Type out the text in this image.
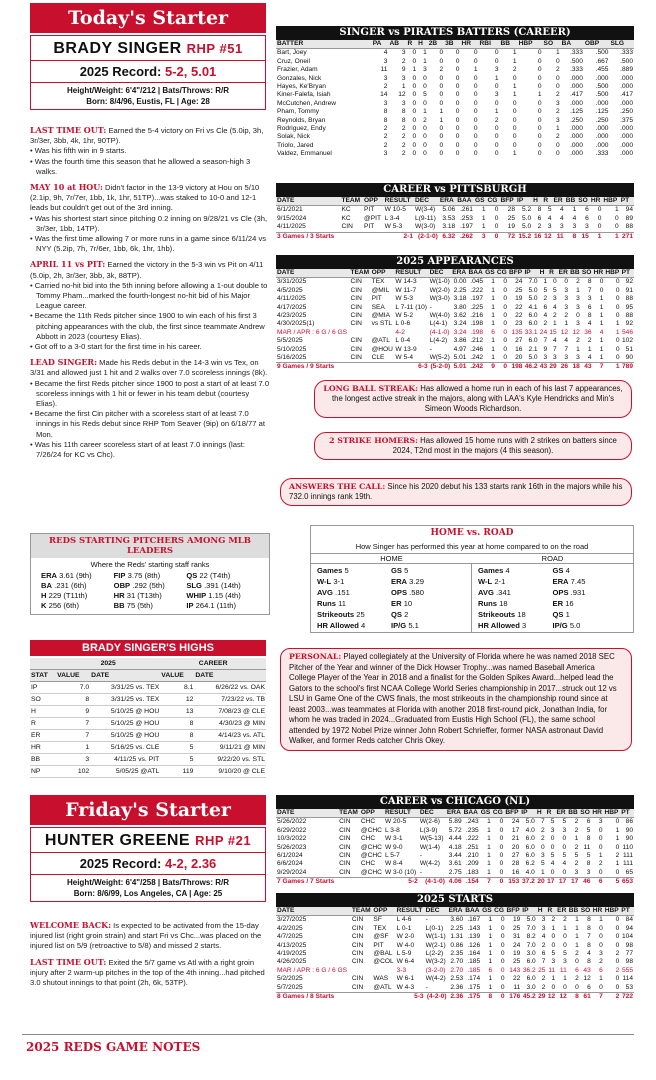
Today's Starter
BRADY SINGER RHP #51
2025 Record: 5-2, 5.01
Height/Weight: 6'4"/212 | Bats/Throws: R/R
Born: 8/4/96, Eustis, FL | Age: 28
LAST TIME OUT: Earned the 5-4 victory on Fri vs Cle (5.0ip, 3h, 3r/3er, 3bb, 4k, 1hr, 90TP).
• Was his fifth win in 9 starts.
• Was the fourth time this season that he allowed a season-high 3 walks.
MAY 10 at HOU: Didn't factor in the 13-9 victory at Hou on 5/10 (2.1ip, 9h, 7r/7er, 1bb, 1k, 1hr, 51TP)...was staked to 10-0 and 12-1 leads but couldn't get out of the 3rd inning.
• Was his shortest start since pitching 0.2 inning on 9/28/21 vs Cle (3h, 3r/3er, 1bb, 14TP).
• Was the first time allowing 7 or more runs in a game since 6/11/24 vs NYY (5.2ip, 7h, 7r/6er, 1bb, 6k, 1hr, 1hb).
APRIL 11 vs PIT: Earned the victory in the 5-3 win vs Pit on 4/11 (5.0ip, 2h, 3r/3er, 3bb, 3k, 88TP).
• Carried no-hit bid into the 5th inning before allowing a 1-out double to Tommy Pham...marked the fourth-longest no-hit bid of his Major League career.
• Became the 11th Reds pitcher since 1900 to win each of his first 3 pitching appearances with the club, the first since teammate Andrew Abbott in 2023 (courtesy Elias).
• Got off to a 3-0 start for the first time in his career.
LEAD SINGER: Made his Reds debut in the 14-3 win vs Tex, on 3/31 and allowed just 1 hit and 2 walks over 7.0 scoreless innings (8k).
• Became the first Reds pitcher since 1900 to post a start of at least 7.0 scoreless innings with 1 hit or fewer in his team debut (courtesy Elias).
• Became the first Cin pitcher with a scoreless start of at least 7.0 innings in his Reds debut since RHP Tom Seaver (9ip) on 6/18/77 at Mon.
• Was his 11th career scoreless start of at least 7.0 innings (last: 7/26/24 for KC vs Chc).
SINGER vs PIRATES BATTERS (CAREER)
BATTER	PA	AB	R	H	2B	3B	HR	RBI	BB	HBP	SO	BA	OBP	SLG
Bart, Joey	4	3	0	1	0	0	0	0	1	0	1	.333	.500	.333
Cruz, Oneil	3	2	0	1	0	0	0	0	1	0	0	.500	.667	.500
Frazier, Adam	11	9	1	3	2	0	1	3	2	0	2	.333	.455	.889
Gonzales, Nick	3	3	0	0	0	0	0	1	0	0	0	.000	.000	.000
Hayes, Ke'Bryan	2	1	0	0	0	0	0	0	1	0	0	.000	.500	.000
Kiner-Falefa, Isiah	14	12	0	5	0	0	0	3	1	1	2	.417	.500	.417
McCutchen, Andrew	3	3	0	0	0	0	0	0	0	0	3	.000	.000	.000
Pham, Tommy	8	8	0	1	1	0	0	1	0	0	2	.125	.125	.250
Reynolds, Bryan	8	8	0	2	1	0	0	2	0	0	3	.250	.250	.375
Rodriguez, Endy	2	2	0	0	0	0	0	0	0	0	1	.000	.000	.000
Solak, Nick	2	2	0	0	0	0	0	0	0	0	2	.000	.000	.000
Triolo, Jared	2	2	0	0	0	0	0	0	0	0	0	.000	.000	.000
Valdez, Emmanuel	3	2	0	0	0	0	0	0	1	0	0	.000	.333	.000
CAREER vs PITTSBURGH
DATE	TEAM	OPP	RESULT	DEC	ERA	BAA	GS	CG	BFP	IP	H	R	ER	BB	SO	HR	HBP	PT
6/1/2021	KC	PIT	W 10-5	W(3-4)	5.06	.261	1	0	28	5.2	8	5	4	1	6	0	1	94
9/15/2024	KC	@PIT	L 3-4	L(9-11)	3.53	.253	1	0	25	5.0	6	4	4	4	6	0	0	89
4/11/2025	CIN	PIT	W 5-3	W(3-0)	3.18	.197	1	0	19	5.0	2	3	3	3	3	0	0	88
3 Games / 3 Starts			2-1	(2-1-0)	6.32	.262	3	0	72	15.2	16	12	11	8	15	1	1	271
2025 APPEARANCES
DATE	TEAM	OPP	RESULT	DEC	ERA	BAA	GS	CG	BFP	IP	H	R	ER	BB	SO	HR	HBP	PT
3/31/2025	CIN	TEX	W 14-3	W(1-0)	0.00	.045	1	0	24	7.0	1	0	0	2	8	0	0	92
4/5/2025	CIN	@MIL	W 11-7	W(2-0)	2.25	.222	1	0	25	5.0	5	5	3	1	7	0	0	91
4/11/2025	CIN	PIT	W 5-3	W(3-0)	3.18	.197	1	0	19	5.0	2	3	3	3	3	1	0	88
4/17/2025	CIN	SEA	L 7-11 (10)	-	3.80	.225	1	0	22	4.1	6	4	3	3	6	1	0	95
4/23/2025	CIN	@MIA	W 5-2	W(4-0)	3.62	.216	1	0	22	6.0	4	2	2	0	8	1	0	88
4/30/2025(1)	CIN	vs STL	L 0-6	L(4-1)	3.24	.198	1	0	23	6.0	2	1	1	3	4	1	1	92
MAR / APR : 6 G / 6 GS			4-2	(4-1-0)	3.24	.198	6	0	135	33.1	24	15	12	12	36	4	1	546
5/5/2025	CIN	@ATL	L 0-4	L(4-2)	3.86	.212	1	0	27	6.0	7	4	4	2	2	1	0	102
5/10/2025	CIN	@HOU	W 13-9	-	4.97	.246	1	0	16	2.1	9	7	7	1	1	1	0	51
5/16/2025	CIN	CLE	W 5-4	W(5-2)	5.01	.242	1	0	20	5.0	3	3	3	3	4	1	0	90
9 Games / 9 Starts			6-3	(5-2-0)	5.01	.242	9	0	198	46.2	43	29	26	18	43	7	1	789
LONG BALL STREAK: Has allowed a home run in each of his last 7 appearances, the longest active streak in the majors, along with LAA's Kyle Hendricks and Min's Simeon Woods Richardson.
2 STRIKE HOMERS: Has allowed 15 home runs with 2 strikes on batters since 2024, T2nd most in the majors (4 this season).
ANSWERS THE CALL: Since his 2020 debut his 133 starts rank 16th in the majors while his 732.0 innings rank 19th.
REDS STARTING PITCHERS AMONG MLB LEADERS
Where the Reds' starting staff ranks
ERA 3.61 (9th)	FIP 3.75 (8th)	QS 22 (T4th)
BA .231 (6th)	OBP .292 (5th)	SLG .391 (14th)
H 229 (T11th)	HR 31 (T13th)	WHIP 1.15 (4th)
K 256 (6th)	BB 75 (5th)	IP 264.1 (11th)
BRADY SINGER'S HIGHS
	2025		CAREER	
STAT	VALUE	DATE	VALUE	DATE
IP	7.0	3/31/25 vs. TEX	8.1	6/26/22 vs. OAK
SO	8	3/31/25 vs. TEX	12	7/23/22 vs. TB
H	9	5/10/25 @ HOU	13	7/08/23 @ CLE
R	7	5/10/25 @ HOU	8	4/30/23 @ MIN
ER	7	5/10/25 @ HOU	8	4/14/23 vs. ATL
HR	1	5/16/25 vs. CLE	5	9/11/21 @ MIN
BB	3	4/11/25 vs. PIT	5	9/22/20 vs. STL
NP	102	5/05/25 @ATL	119	9/10/20 @ CLE
HOME vs. ROAD
How Singer has performed this year at home compared to on the road
HOME	ROAD
Games 5	GS 5
W-L 3-1	ERA 3.29
AVG .151	OPS .580
Runs 11	ER 10
Strikeouts 25	QS 2
HR Allowed 4	IP/G 5.1
Games 4	GS 4
W-L 2-1	ERA 7.45
AVG .341	OPS .931
Runs 18	ER 16
Strikeouts 18	QS 1
HR Allowed 3	IP/G 5.0
PERSONAL: Played collegiately at the University of Florida where he was named 2018 SEC Pitcher of the Year and winner of the Dick Howser Trophy...was named Baseball America College Player of the Year in 2018 and a finalist for the Golden Spikes Award...helped lead the Gators to the school's first NCAA College World Series championship in 2017...struck out 12 vs LSU in Game One of the CWS finals, the most strikeouts in the championship round since at least 2003...was teammates at Florida with another 2018 first-round pick, Jonathan India, for whom he was traded in 2024...Graduated from Eustis High School (FL), the same school attended by 1972 Nobel Prize winner John Robert Schrieffer, former NASA astronaut David Walker, and former Reds catcher Chris Okey.
Friday's Starter
HUNTER GREENE RHP #21
2025 Record: 4-2, 2.36
Height/Weight: 6'4"/258 | Bats/Throws: R/R
Born: 8/6/99, Los Angeles, CA | Age: 25
WELCOME BACK: Is expected to be activated from the 15-day injured list (right groin strain) and start Fri vs Chc...was placed on the injured list on 5/9 (retroactive to 5/8) and missed 2 starts.
LAST TIME OUT: Exited the 5/7 game vs Atl with a right groin injury after 2 warm-up pitches in the top of the 4th inning...had pitched 3.0 shutout innings to that point (2h, 6k, 53TP).
CAREER vs CHICAGO (NL)
DATE	TEAM	OPP	RESULT	DEC	ERA	BAA	GS	CG	BFP	IP	H	R	ER	BB	SO	HR	HBP	PT
5/26/2022	CIN	CHC	W 20-5	W(2-6)	5.89	.243	1	0	24	5.0	7	5	5	2	6	3	0	86
6/29/2022	CIN	@CHC	L 3-8	L(3-9)	5.72	.235	1	0	17	4.0	2	3	3	2	5	0	1	90
10/3/2022	CIN	CHC	W 3-1	W(5-13)	4.44	.222	1	0	21	6.0	2	0	0	1	8	0	1	90
5/26/2023	CIN	@CHC	W 9-0	W(1-4)	4.18	.251	1	0	20	6.0	0	0	0	2	11	0	0	110
6/1/2024	CIN	@CHC	L 5-7	-	3.44	.210	1	0	27	6.0	3	5	5	5	5	1	2	111
6/6/2024	CIN	CHC	W 8-4	W(4-2)	3.61	.209	1	0	28	6.2	5	4	4	2	8	2	1	111
9/29/2024	CIN	@CHC	W 3-0 (10)	-	2.75	.183	1	0	16	4.0	1	0	0	3	3	0	0	65
7 Games / 7 Starts			5-2	(4-1-0)	4.06	.154	7	0	153	37.2	20	17	17	17	46	6	5	653
2025 STARTS
DATE	TEAM	OPP	RESULT	DEC	ERA	BAA	GS	CG	BFP	IP	H	R	ER	BB	SO	HR	HBP	PT
3/27/2025	CIN	SF	L 4-6	-	3.60	.167	1	0	19	5.0	3	2	2	1	8	1	0	84
4/2/2025	CIN	TEX	L 0-1	L(0-1)	2.25	.143	1	0	25	7.0	3	1	1	1	8	0	0	94
4/7/2025	CIN	@SF	W 2-0	W(1-1)	1.31	.139	1	0	31	8.2	4	0	0	1	7	0	0	104
4/13/2025	CIN	PIT	W 4-0	W(2-1)	0.86	.126	1	0	24	7.0	2	0	0	1	8	0	0	98
4/19/2025	CIN	@BAL	L 5-9	L(2-2)	2.35	.164	1	0	19	3.0	6	5	5	2	4	3	2	77
4/26/2025	CIN	@COL	W 6-4	W(3-2)	2.70	.185	1	0	25	6.0	7	3	3	0	8	2	0	98
MAR / APR : 6 G / 6 GS			3-3	(3-2-0)	2.70	.185	6	0	143	36.2	25	11	11	6	43	6	2	555
5/2/2025	CIN	WAS	W 6-1	W(4-2)	2.53	.174	1	0	22	6.0	2	1	1	2	12	1	0	114
5/7/2025	CIN	@ATL	W 4-3	-	2.36	.175	1	0	11	3.0	2	0	0	0	6	0	0	53
8 Games / 8 Starts			5-3	(4-2-0)	2.36	.175	8	0	176	45.2	29	12	12	8	61	7	2	722
2025 REDS GAME NOTES
